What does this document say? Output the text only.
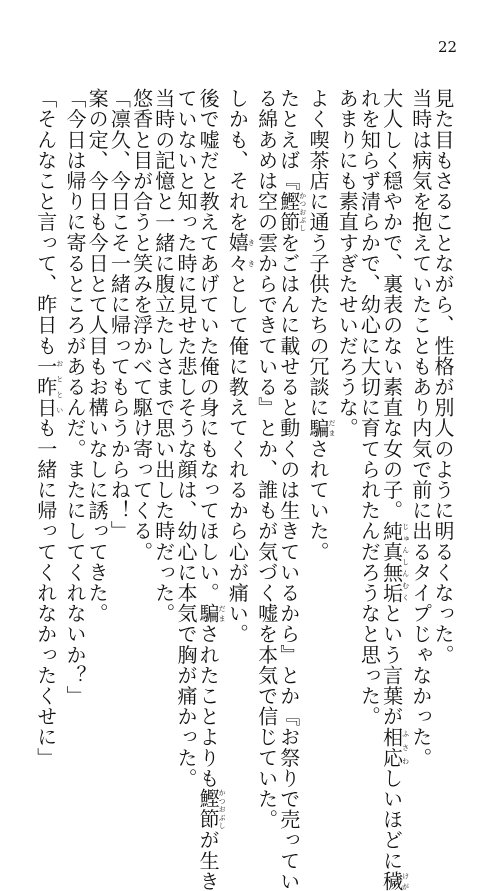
22
見た目もさることながら、性格が別人のように明るくなった。
当時は病気を抱えていたこともあり内気で前に出るタイプじゃなかった。
大人しく穏やかで、裏表のない素直な女の子。純真無垢じゅんしんむくという言葉が相応ふさわしいほどに穢けが
れを知らず清らかで、幼心に大切に育てられたんだろうなと思った。
あまりにも素直すぎたせいだろうな。
よく喫茶店に通う子供たちの冗談に騙だまされていた。
たとえば『鰹節かつおぶしをごはんに載せると動くのは生きているから』とか『お祭りで売ってい
る綿あめは空の雲からできている』とか、誰もが気づく嘘を本気で信じていた。
しかも、それを嬉々ききとして俺に教えてくれるから心が痛い。
後で嘘だと教えてあげていた俺の身にもなってほしい。騙だまされたことよりも鰹節かつおぶしが生き
ていないと知った時に見せた悲しそうな顔は、幼心に本気で胸が痛かった。
当時の記憶と一緒に腹立たしさまで思い出した時だった。
悠香と目が合うと笑みを浮かべて駆け寄ってくる。
「凛久、今日こそ一緒に帰ってもらうからね！」
案の定、今日も今日とて人目もお構いなしに誘ってきた。
「今日は帰りに寄るところがあるんだ。またにしてくれないか？」
「そんなこと言って、昨日も一昨日おとといも一緒に帰ってくれなかったくせに」
